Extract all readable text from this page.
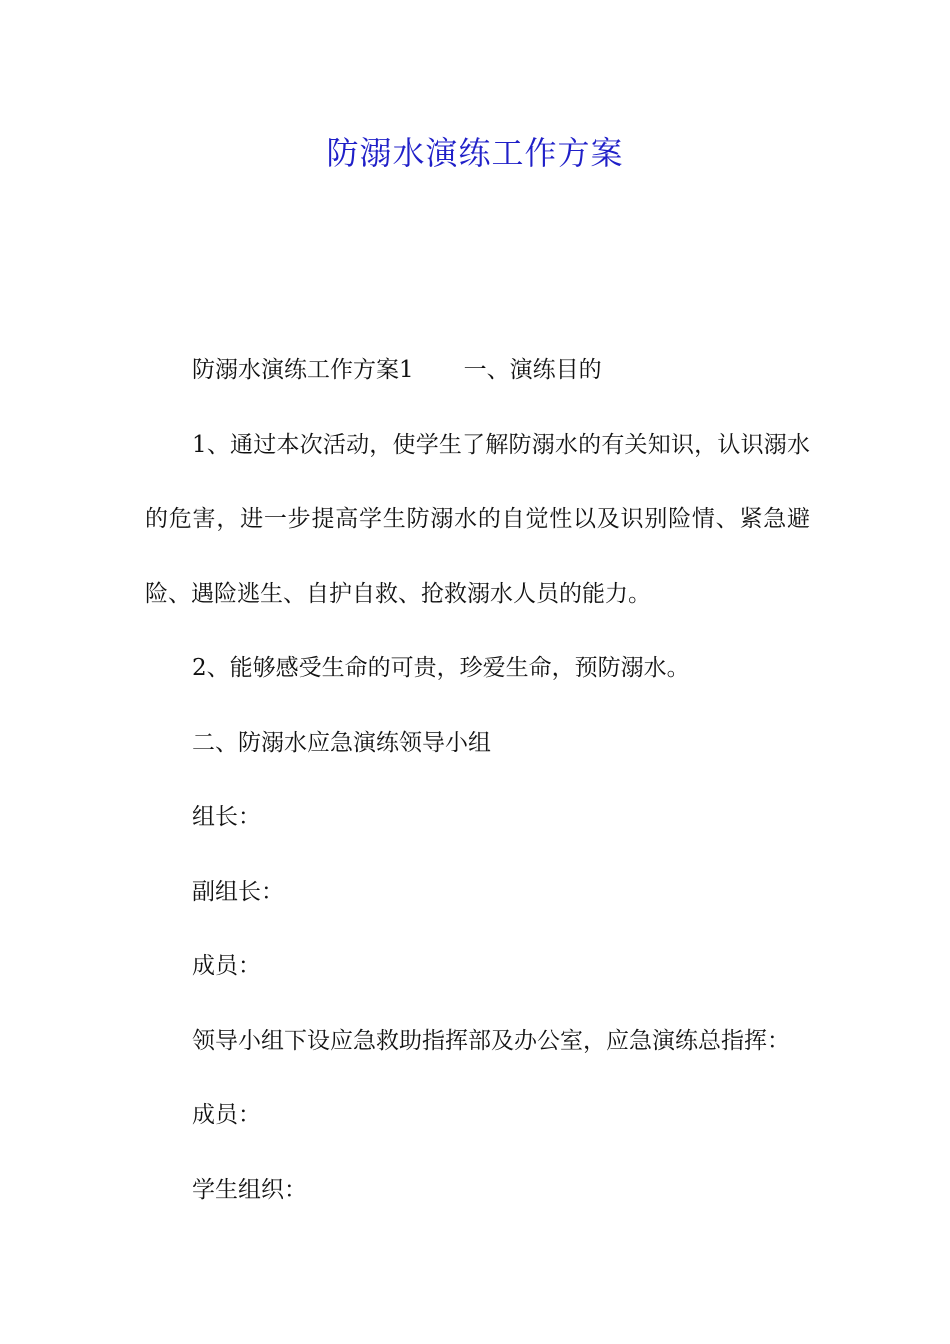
防溺水演练工作方案

防溺水演练工作方案1 一、演练目的

1、通过本次活动，使学生了解防溺水的有关知识，认识溺水的危害，进一步提高学生防溺水的自觉性以及识别险情、紧急避险、遇险逃生、自护自救、抢救溺水人员的能力。

2、能够感受生命的可贵，珍爱生命，预防溺水。

二、防溺水应急演练领导小组

组长：

副组长：

成员：

领导小组下设应急救助指挥部及办公室，应急演练总指挥：

成员：

学生组织：
